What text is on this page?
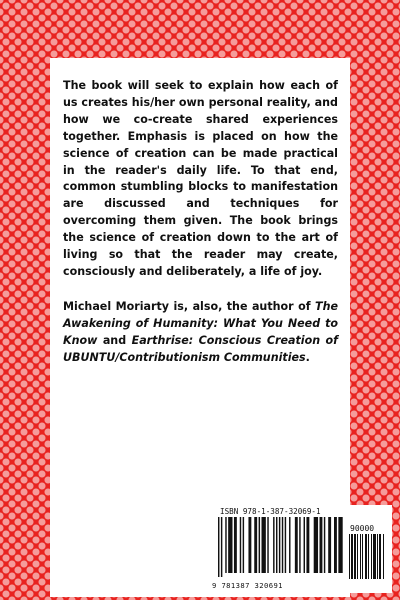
The book will seek to explain how each of us creates his/her own personal reality, and how we co-create shared experiences together. Emphasis is placed on how the science of creation can be made practical in the reader's daily life. To that end, common stumbling blocks to manifestation are discussed and techniques for overcoming them given. The book brings the science of creation down to the art of living so that the reader may create, consciously and deliberately, a life of joy.

Michael Moriarty is, also, the author of The Awakening of Humanity: What You Need to Know and Earthrise: Conscious Creation of UBUNTU/Contributionism Communities.

ISBN 978-1-387-32069-1
90000
9 781387 320691
